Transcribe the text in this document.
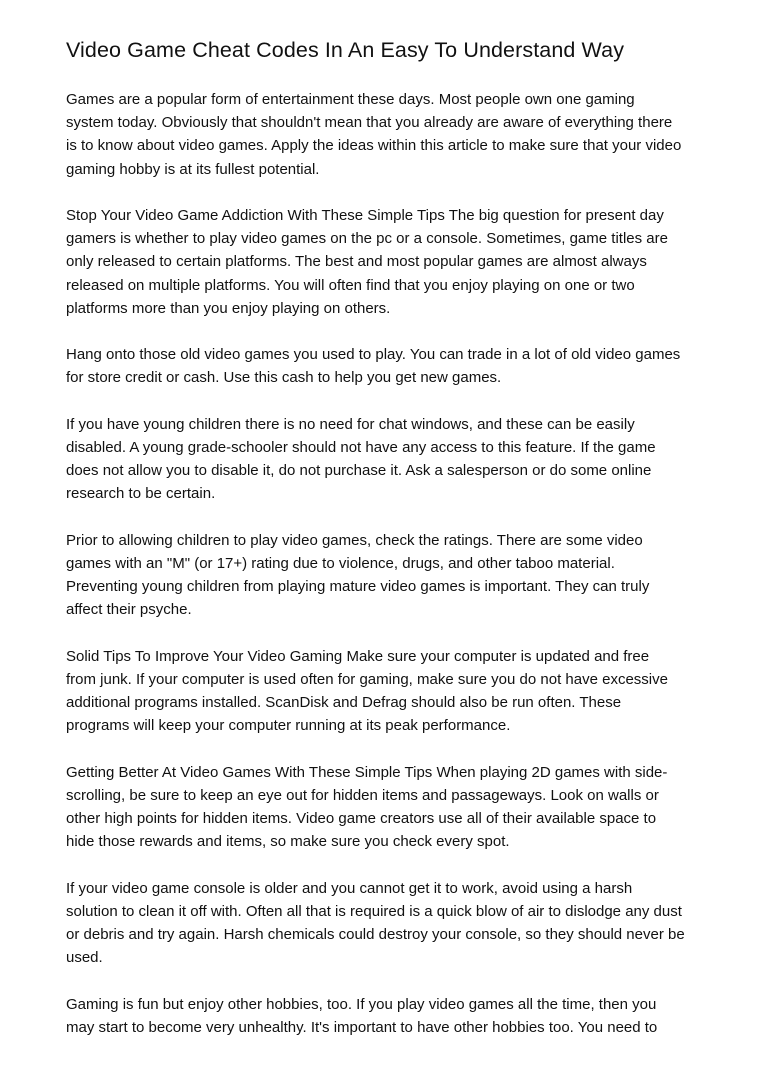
Video Game Cheat Codes In An Easy To Understand Way

Games are a popular form of entertainment these days. Most people own one gaming
system today. Obviously that shouldn't mean that you already are aware of everything there
is to know about video games. Apply the ideas within this article to make sure that your video
gaming hobby is at its fullest potential.

Stop Your Video Game Addiction With These Simple Tips The big question for present day
gamers is whether to play video games on the pc or a console. Sometimes, game titles are
only released to certain platforms. The best and most popular games are almost always
released on multiple platforms. You will often find that you enjoy playing on one or two
platforms more than you enjoy playing on others.

Hang onto those old video games you used to play. You can trade in a lot of old video games
for store credit or cash. Use this cash to help you get new games.

If you have young children there is no need for chat windows, and these can be easily
disabled. A young grade-schooler should not have any access to this feature. If the game
does not allow you to disable it, do not purchase it. Ask a salesperson or do some online
research to be certain.

Prior to allowing children to play video games, check the ratings. There are some video
games with an "M" (or 17+) rating due to violence, drugs, and other taboo material.
Preventing young children from playing mature video games is important. They can truly
affect their psyche.

Solid Tips To Improve Your Video Gaming Make sure your computer is updated and free
from junk. If your computer is used often for gaming, make sure you do not have excessive
additional programs installed. ScanDisk and Defrag should also be run often. These
programs will keep your computer running at its peak performance.

Getting Better At Video Games With These Simple Tips When playing 2D games with side-
scrolling, be sure to keep an eye out for hidden items and passageways. Look on walls or
other high points for hidden items. Video game creators use all of their available space to
hide those rewards and items, so make sure you check every spot.

If your video game console is older and you cannot get it to work, avoid using a harsh
solution to clean it off with. Often all that is required is a quick blow of air to dislodge any dust
or debris and try again. Harsh chemicals could destroy your console, so they should never be
used.

Gaming is fun but enjoy other hobbies, too. If you play video games all the time, then you
may start to become very unhealthy. It's important to have other hobbies too. You need to
